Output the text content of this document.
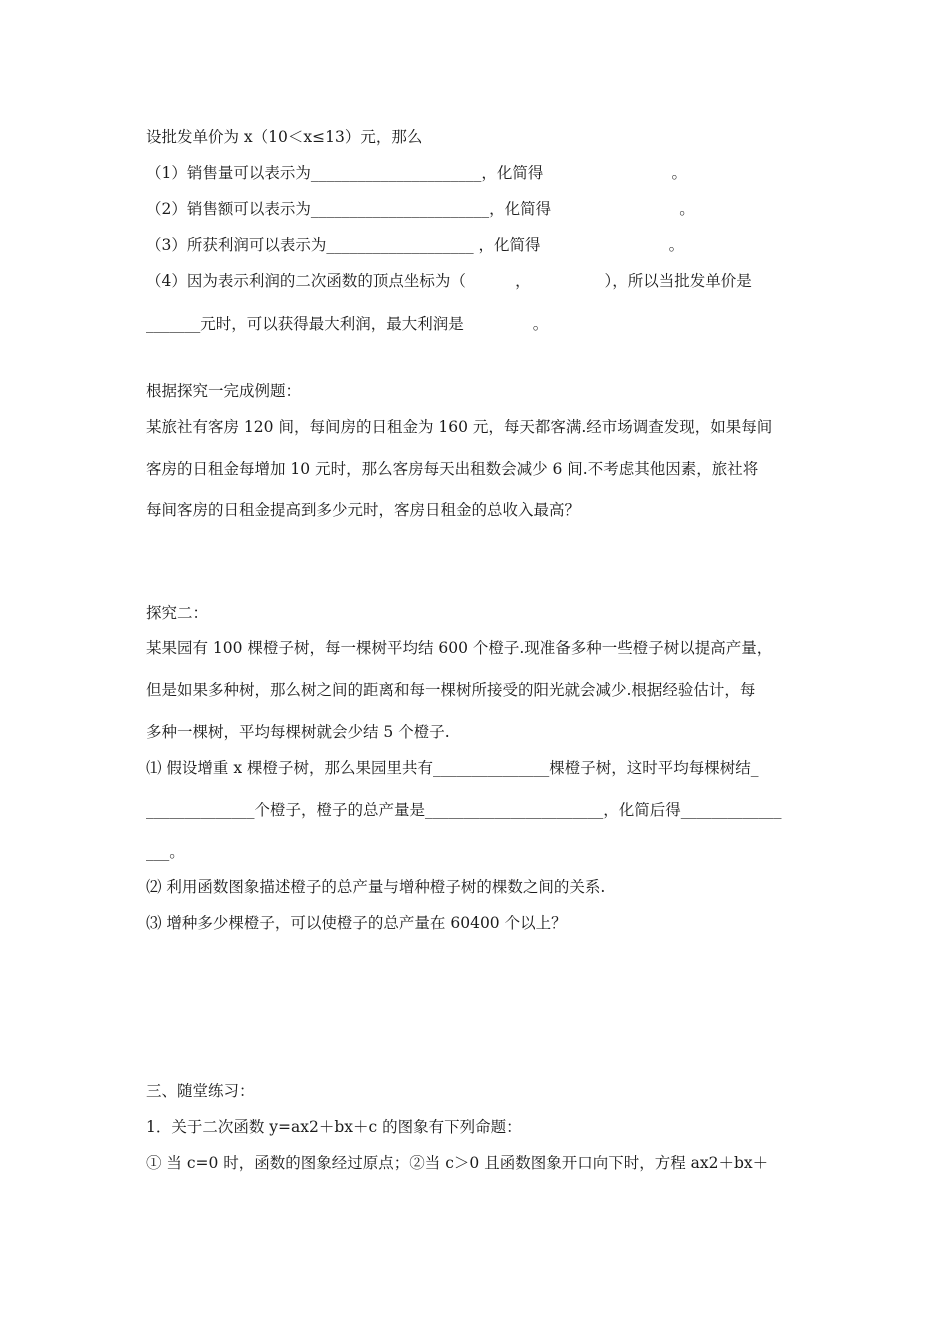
设批发单价为 x（10＜x≤13）元，那么
（1）销售量可以表示为______________________，化简得                          。
（2）销售额可以表示为_______________________，化简得                          。
（3）所获利润可以表示为___________________ ，化简得                          。
（4）因为表示利润的二次函数的顶点坐标为（          ，               ），所以当批发单价是
_______元时，可以获得最大利润，最大利润是              。
根据探究一完成例题：
某旅社有客房 120 间，每间房的日租金为 160 元，每天都客满.经市场调查发现，如果每间
客房的日租金每增加 10 元时，那么客房每天出租数会减少 6 间.不考虑其他因素，旅社将
每间客房的日租金提高到多少元时，客房日租金的总收入最高？
探究二：
某果园有 100 棵橙子树，每一棵树平均结 600 个橙子.现准备多种一些橙子树以提高产量，
但是如果多种树，那么树之间的距离和每一棵树所接受的阳光就会减少.根据经验估计，每
多种一棵树，平均每棵树就会少结 5 个橙子.
⑴ 假设增重 x 棵橙子树，那么果园里共有_______________棵橙子树，这时平均每棵树结_
______________个橙子，橙子的总产量是_______________________，化简后得_____________
___。
⑵ 利用函数图象描述橙子的总产量与增种橙子树的棵数之间的关系.
⑶ 增种多少棵橙子，可以使橙子的总产量在 60400 个以上？
三、随堂练习：
1．关于二次函数 y=ax2＋bx＋c 的图象有下列命题：
① 当 c=0 时，函数的图象经过原点；②当 c＞0 且函数图象开口向下时，方程 ax2＋bx＋
